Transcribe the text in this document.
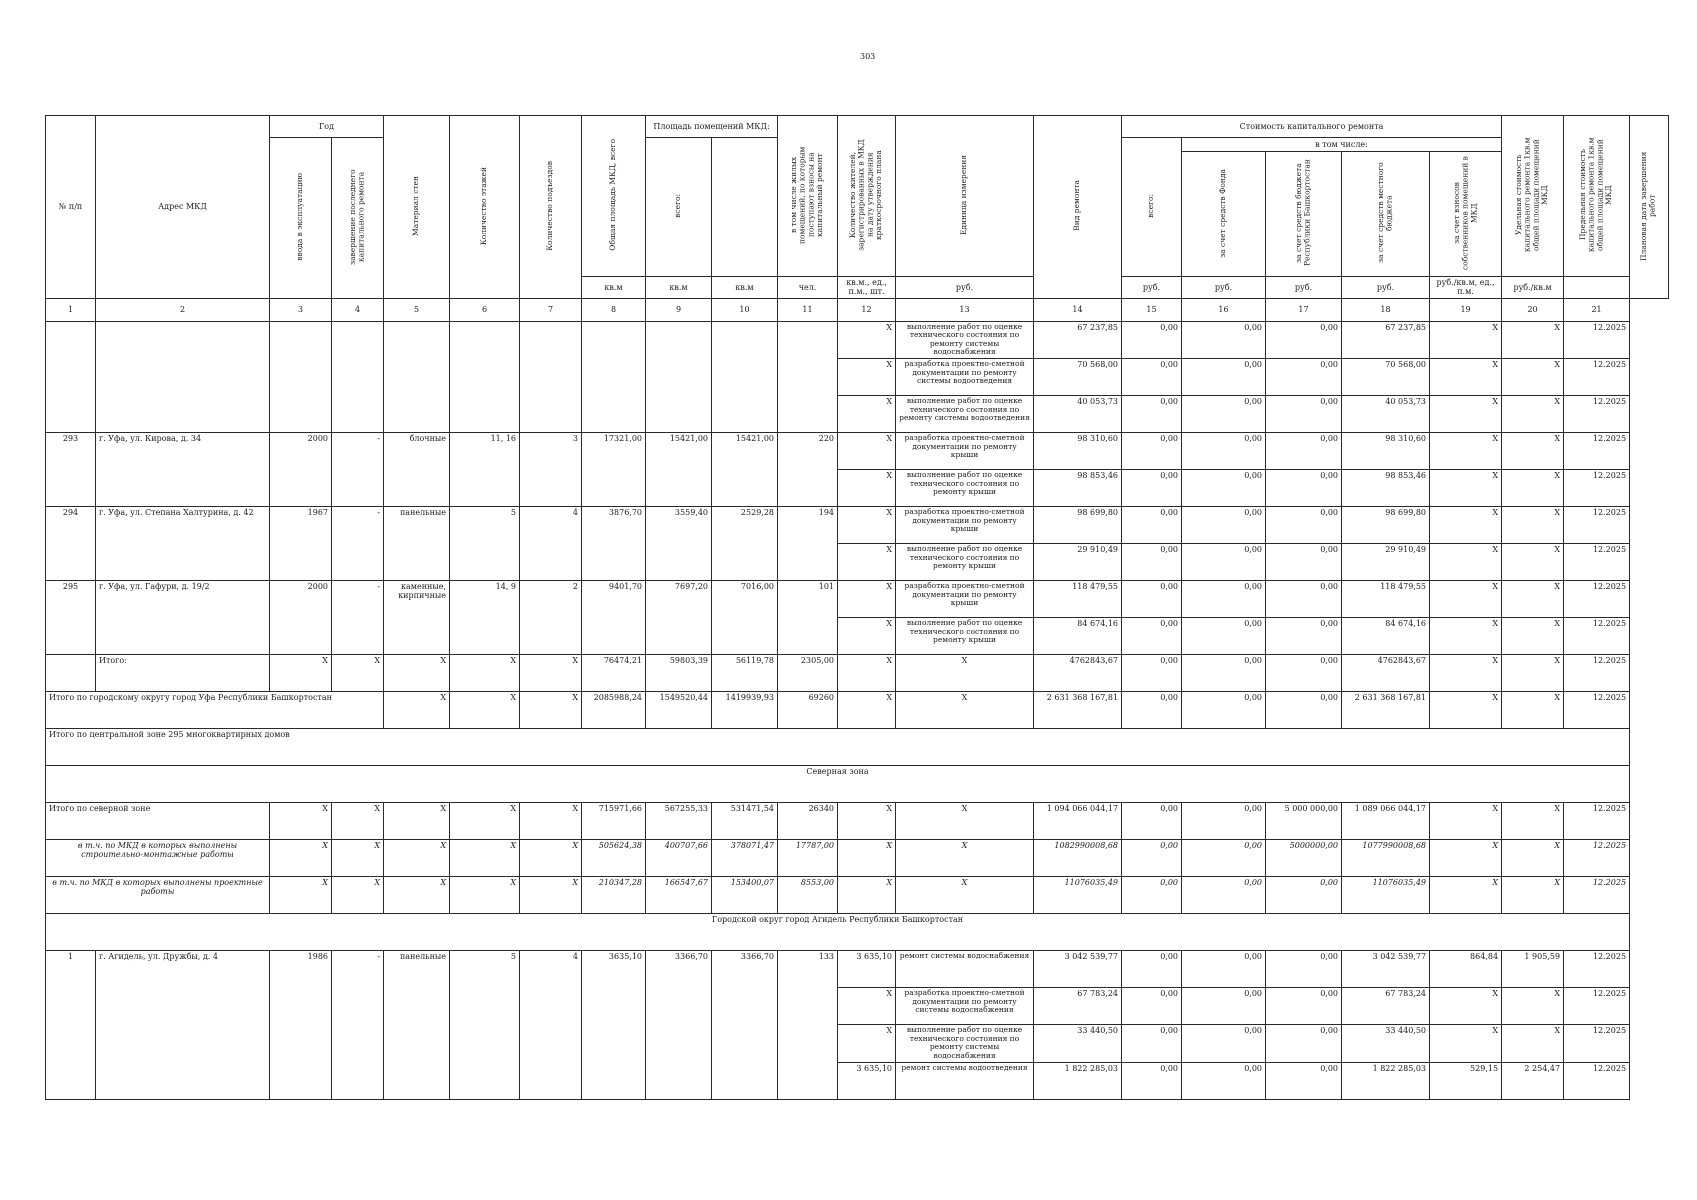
303
№ п/п	Адрес МКД	Год		Материал стен	Количество этажей	Количество подъездов	Общая площадь МКД, всего	Площадь помещений МКД:		в том числе жилых помещений, по которым поступают взносы на капитальный ремонт	Количество жителей, зарегистрированных в МКД на дату утверждения краткосрочного плана	Единица измерения	Вид ремонта	Стоимость капитального ремонта					Удельная стоимость капитального ремонта 1кв.м общей площади помещений МКД	Предельная стоимость капитального ремонта 1кв.м общей площади помещений МКД	Плановая дата завершения работ
		ввода в эксплуатацию	завершение последнего капитального ремонта					всего:						всего:	в том числе:						
															за счет средств Фонда	за счет средств бюджета Республики Башкортостан	за счет средств местного бюджета	за счет взносов собственников помещений в МКД			
							кв.м	кв.м	кв.м	чел.	кв.м., ед., п.м., шт.	руб.		руб.	руб.	руб.	руб.	руб./кв.м, ед., п.м.	руб./кв.м		
1	2	3	4	5	6	7	8	9	10	11	12	13	14	15	16	17	18	19	20	21	
											X	выполнение работ по оценке технического состояния по ремонту системы водоснабжения	67 237,85	0,00	0,00	0,00	67 237,85	X	X	12.2025	
											X	разработка проектно-сметной документации по ремонту системы водоотведения	70 568,00	0,00	0,00	0,00	70 568,00	X	X	12.2025	
											X	выполнение работ по оценке технического состояния по ремонту системы водоотведения	40 053,73	0,00	0,00	0,00	40 053,73	X	X	12.2025	
293	г. Уфа, ул. Кирова, д. 34	2000	-	блочные	11, 16	3	17321,00	15421,00	15421,00	220	X	разработка проектно-сметной документации по ремонту крыши	98 310,60	0,00	0,00	0,00	98 310,60	X	X	12.2025	
											X	выполнение работ по оценке технического состояния по ремонту крыши	98 853,46	0,00	0,00	0,00	98 853,46	X	X	12.2025	
294	г. Уфа, ул. Степана Халтурина, д. 42	1967	-	панельные	5	4	3876,70	3559,40	2529,28	194	X	разработка проектно-сметной документации по ремонту крыши	98 699,80	0,00	0,00	0,00	98 699,80	X	X	12.2025	
											X	выполнение работ по оценке технического состояния по ремонту крыши	29 910,49	0,00	0,00	0,00	29 910,49	X	X	12.2025	
295	г. Уфа, ул. Гафури, д. 19/2	2000	-	каменные, кирпичные	14, 9	2	9401,70	7697,20	7016,00	101	X	разработка проектно-сметной документации по ремонту крыши	118 479,55	0,00	0,00	0,00	118 479,55	X	X	12.2025	
											X	выполнение работ по оценке технического состояния по ремонту крыши	84 674,16	0,00	0,00	0,00	84 674,16	X	X	12.2025	
	Итого:	X	X	X	X	X	76474,21	59803,39	56119,78	2305,00	X	X	4762843,67	0,00	0,00	0,00	4762843,67	X	X	12.2025	
Итого по городскому округу город Уфа Республики Башкортостан				X	X	X	2085988,24	1549520,44	1419939,93	69260	X	X	2 631 368 167,81	0,00	0,00	0,00	2 631 368 167,81	X	X	12.2025	
Итого по центральной зоне 295 многоквартирных домов																					
Северная зона																					
Итого по северной зоне		X	X	X	X	X	715971,66	567255,33	531471,54	26340	X	X	1 094 066 044,17	0,00	0,00	5 000 000,00	1 089 066 044,17	X	X	12.2025	
в т.ч. по МКД в которых выполнены строительно-монтажные работы		X	X	X	X	X	505624,38	400707,66	378071,47	17787,00	X	X	1082990008,68	0,00	0,00	5000000,00	1077990008,68	X	X	12.2025	
в т.ч. по МКД в которых выполнены проектные работы		X	X	X	X	X	210347,28	166547,67	153400,07	8553,00	X	X	11076035,49	0,00	0,00	0,00	11076035,49	X	X	12.2025	
Городской округ город Агидель Республики Башкортостан																					
1	г. Агидель, ул. Дружбы, д. 4	1986	-	панельные	5	4	3635,10	3366,70	3366,70	133	3 635,10	ремонт системы водоснабжения	3 042 539,77	0,00	0,00	0,00	3 042 539,77	864,84	1 905,59	12.2025	
											X	разработка проектно-сметной документации по ремонту системы водоснабжения	67 783,24	0,00	0,00	0,00	67 783,24	X	X	12.2025	
											X	выполнение работ по оценке технического состояния по ремонту системы водоснабжения	33 440,50	0,00	0,00	0,00	33 440,50	X	X	12.2025	
											3 635,10	ремонт системы водоотведения	1 822 285,03	0,00	0,00	0,00	1 822 285,03	529,15	2 254,47	12.2025	
